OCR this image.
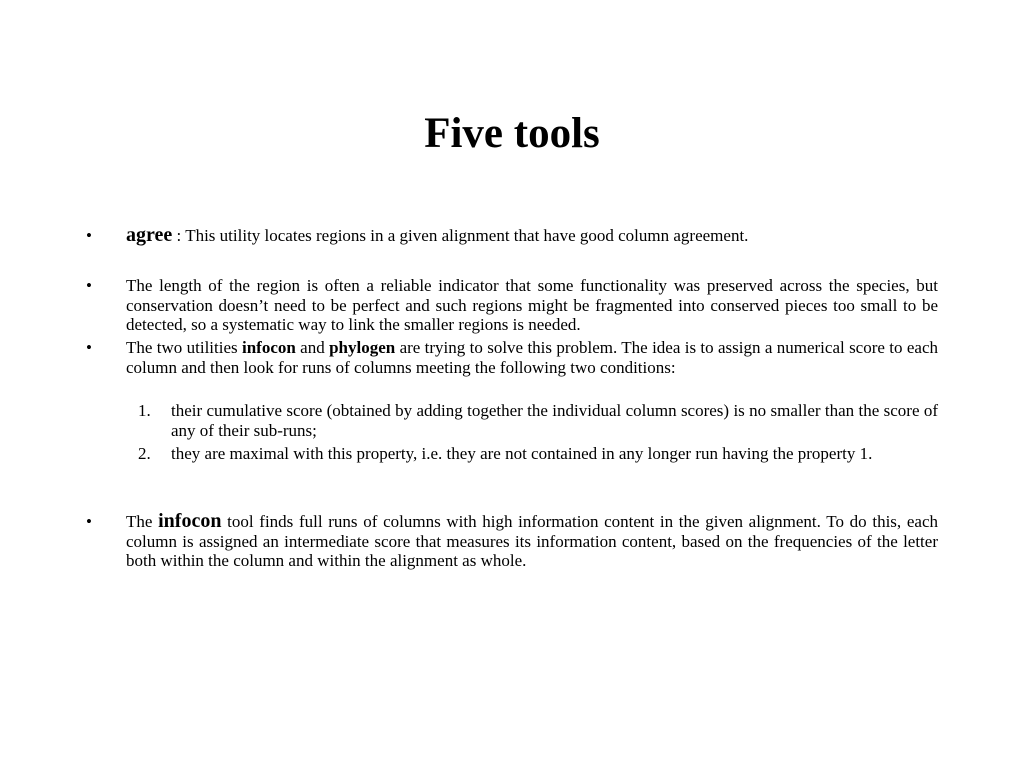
Five tools
•	agree : This utility locates regions in a given alignment that have good column agreement.
•	The length of the region is often a reliable indicator that some functionality was preserved across the species, but conservation doesn’t need to be perfect and such regions might be fragmented into conserved pieces too small to be detected, so a systematic way to link the smaller regions is needed.
•	The two utilities infocon and phylogen are trying to solve this problem. The idea is to assign a numerical score to each column and then look for runs of columns meeting the following two conditions:
1. their cumulative score (obtained by adding together the individual column scores) is no smaller than the score of any of their sub-runs;
2. they are maximal with this property, i.e. they are not contained in any longer run having the property 1.
•	The infocon tool finds full runs of columns with high information content in the given alignment. To do this, each column is assigned an intermediate score that measures its information content, based on the frequencies of the letter both within the column and within the alignment as whole.
